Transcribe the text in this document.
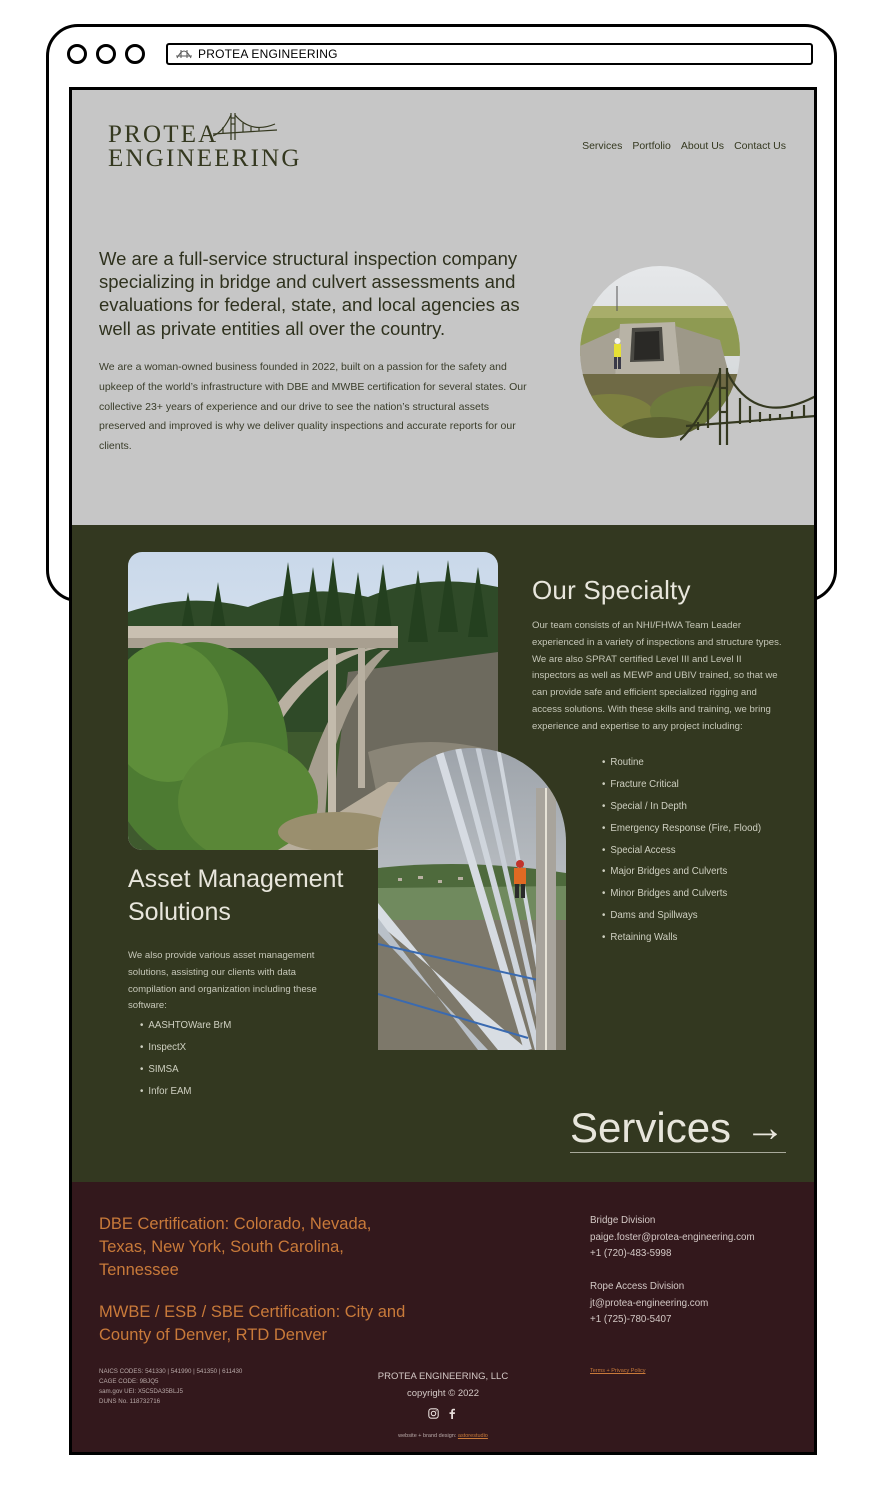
PROTEA ENGINEERING
PROTEA
ENGINEERING	Services Portfolio About Us Contact Us
We are a full-service structural inspection company specializing in bridge and culvert assessments and evaluations for federal, state, and local agencies as well as private entities all over the country.

We are a woman-owned business founded in 2022, built on a passion for the safety and upkeep of the world’s infrastructure with DBE and MWBE certification for several states. Our collective 23+ years of experience and our drive to see the nation’s structural assets preserved and improved is why we deliver quality inspections and accurate reports for our clients.

Our Specialty

Our team consists of an NHI/FHWA Team Leader experienced in a variety of inspections and structure types. We are also SPRAT certified Level III and Level II inspectors as well as MEWP and UBIV trained, so that we can provide safe and efficient specialized rigging and access solutions. With these skills and training, we bring experience and expertise to any project including:

• Routine
• Fracture Critical
• Special / In Depth
• Emergency Response (Fire, Flood)
• Special Access
• Major Bridges and Culverts
• Minor Bridges and Culverts
• Dams and Spillways
• Retaining Walls
Asset Management Solutions

We also provide various asset management solutions, assisting our clients with data compilation and organization including these software:

• AASHTOWare BrM
• InspectX
• SIMSA
• Infor EAM
Services →

DBE Certification: Colorado, Nevada, Texas, New York, South Carolina, Tennessee

MWBE / ESB / SBE Certification: City and County of Denver, RTD Denver

Bridge Division
paige.foster@protea-engineering.com
+1 (720)-483-5998
Rope Access Division
jt@protea-engineering.com
+1 (725)-780-5407
NAICS CODES: 541330 | 541990 | 541350 | 611430
CAGE CODE: 9BJQ5
sam.gov UEI: X5C5DA35BLJ5
DUNS No. 118732716
PROTEA ENGINEERING, LLC
copyright © 2022
website + brand design: astorestudio
Terms + Privacy Policy
